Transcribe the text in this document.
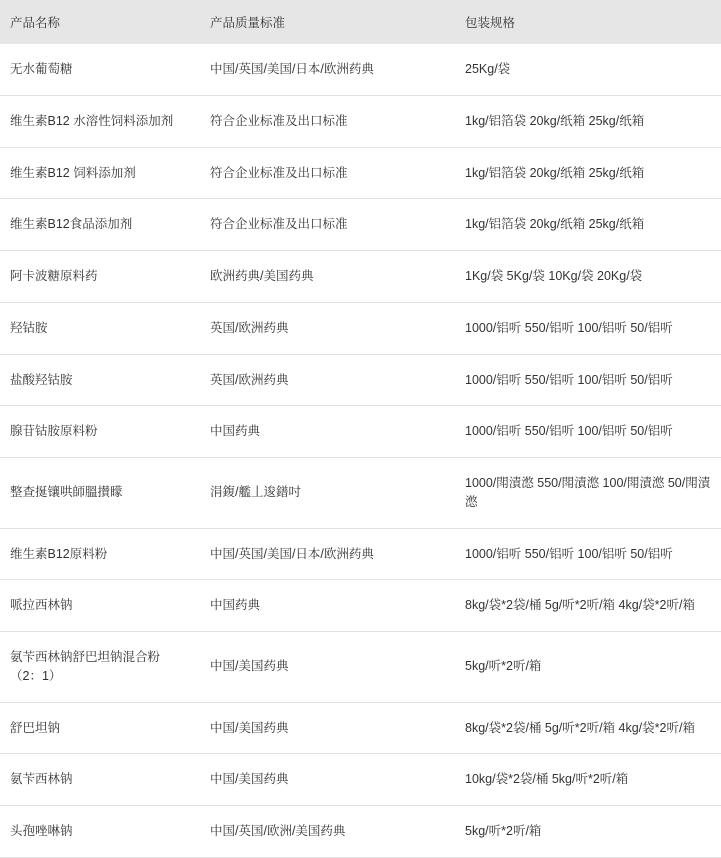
产品名称	产品质量标准	包装规格
无水葡萄糖	中国/英国/美国/日本/欧洲药典	25Kg/袋
维生素B12 水溶性饲料添加剂	符合企业标准及出口标准	1kg/铝箔袋 20kg/纸箱 25kg/纸箱
维生素B12 饲料添加剂	符合企业标准及出口标准	1kg/铝箔袋 20kg/纸箱 25kg/纸箱
维生素B12食品添加剂	符合企业标准及出口标准	1kg/铝箔袋 20kg/纸箱 25kg/纸箱
阿卡波糖原料药	欧洲药典/美国药典	1Kg/袋 5Kg/袋 10Kg/袋 20Kg/袋
羟钴胺	英国/欧洲药典	1000/铝听 550/铝听 100/铝听 50/铝听
盐酸羟钴胺	英国/欧洲药典	1000/铝听 550/铝听 100/铝听 50/铝听
腺苷钴胺原料粉	中国药典	1000/铝听 550/铝听 100/铝听 50/铝听
整查挻镶哄師膃攅矇	涓鍑/艦丄逡鐠吋	1000/閗漬滺 550/閗漬滺 100/閗漬滺 50/閗漬滺
维生素B12原料粉	中国/英国/美国/日本/欧洲药典	1000/铝听 550/铝听 100/铝听 50/铝听
哌拉西林钠	中国药典	8kg/袋*2袋/桶 5g/听*2听/箱 4kg/袋*2听/箱
氨苄西林钠舒巴坦钠混合粉（2：1）	中国/美国药典	5kg/听*2听/箱
舒巴坦钠	中国/美国药典	8kg/袋*2袋/桶 5g/听*2听/箱 4kg/袋*2听/箱
氨苄西林钠	中国/美国药典	10kg/袋*2袋/桶 5kg/听*2听/箱
头孢唑啉钠	中国/英国/欧洲/美国药典	5kg/听*2听/箱
